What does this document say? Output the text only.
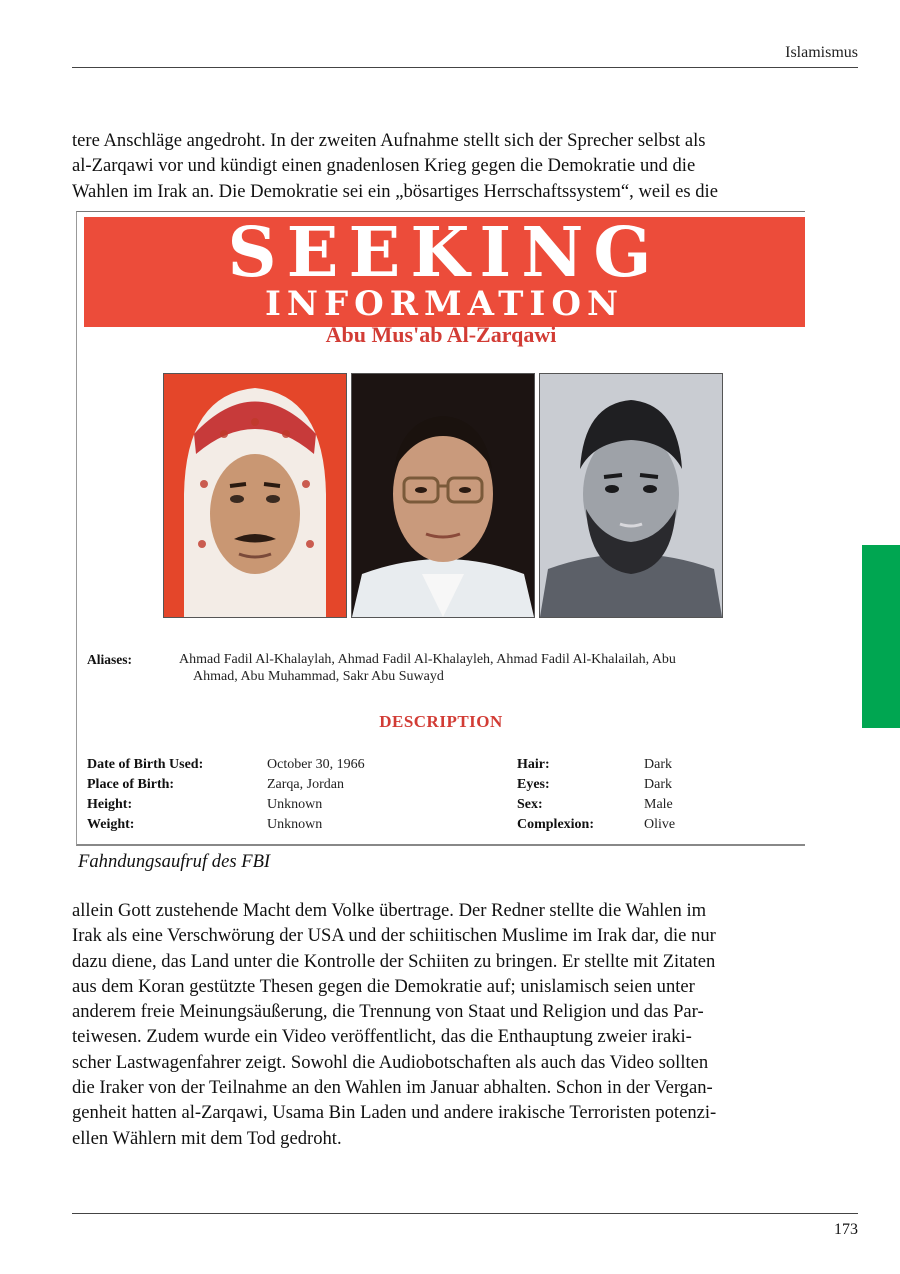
Islamismus

tere Anschläge angedroht. In der zweiten Aufnahme stellt sich der Sprecher selbst als
al-Zarqawi vor und kündigt einen gnadenlosen Krieg gegen die Demokratie und die
Wahlen im Irak an. Die Demokratie sei ein „bösartiges Herrschaftssystem“, weil es die

SEEKING
INFORMATION
Abu Mus'ab Al-Zarqawi
Aliases:	Ahmad Fadil Al-Khalaylah, Ahmad Fadil Al-Khalayleh, Ahmad Fadil Al-Khalailah, Abu
Ahmad, Abu Muhammad, Sakr Abu Suwayd
DESCRIPTION
Date of Birth Used:	October 30, 1966	Hair:	Dark
Place of Birth:	Zarqa, Jordan	Eyes:	Dark
Height:	Unknown	Sex:	Male
Weight:	Unknown	Complexion:	Olive
Fahndungsaufruf des FBI

allein Gott zustehende Macht dem Volke übertrage. Der Redner stellte die Wahlen im
Irak als eine Verschwörung der USA und der schiitischen Muslime im Irak dar, die nur
dazu diene, das Land unter die Kontrolle der Schiiten zu bringen. Er stellte mit Zitaten
aus dem Koran gestützte Thesen gegen die Demokratie auf; unislamisch seien unter
anderem freie Meinungsäußerung, die Trennung von Staat und Religion und das Par-
teiwesen. Zudem wurde ein Video veröffentlicht, das die Enthauptung zweier iraki-
scher Lastwagenfahrer zeigt. Sowohl die Audiobotschaften als auch das Video sollten
die Iraker von der Teilnahme an den Wahlen im Januar abhalten. Schon in der Vergan-
genheit hatten al-Zarqawi, Usama Bin Laden und andere irakische Terroristen potenzi-
ellen Wählern mit dem Tod gedroht.

173
